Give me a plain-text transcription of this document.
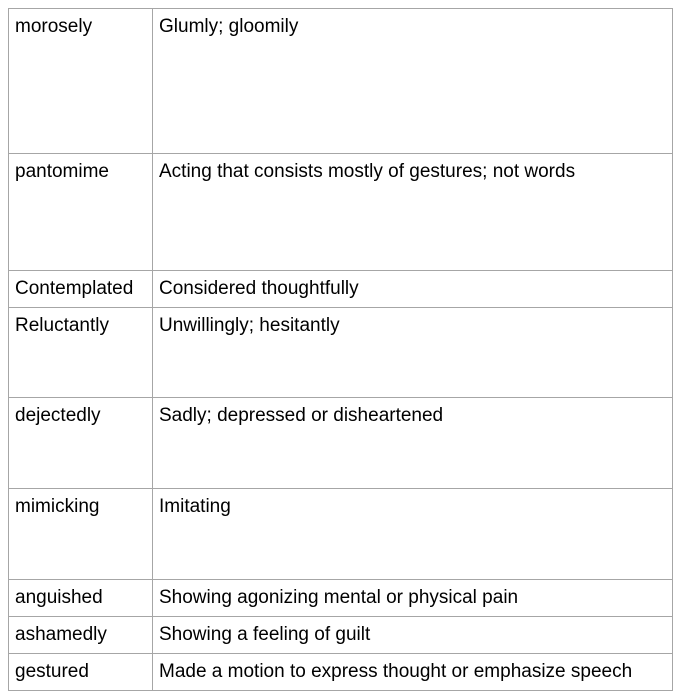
morosely	Glumly; gloomily
pantomime	Acting that consists mostly of gestures; not words
Contemplated	Considered thoughtfully
Reluctantly	Unwillingly; hesitantly
dejectedly	Sadly; depressed or disheartened
mimicking	Imitating
anguished	Showing agonizing mental or physical pain
ashamedly	Showing a feeling of guilt
gestured	Made a motion to express thought or emphasize speech
